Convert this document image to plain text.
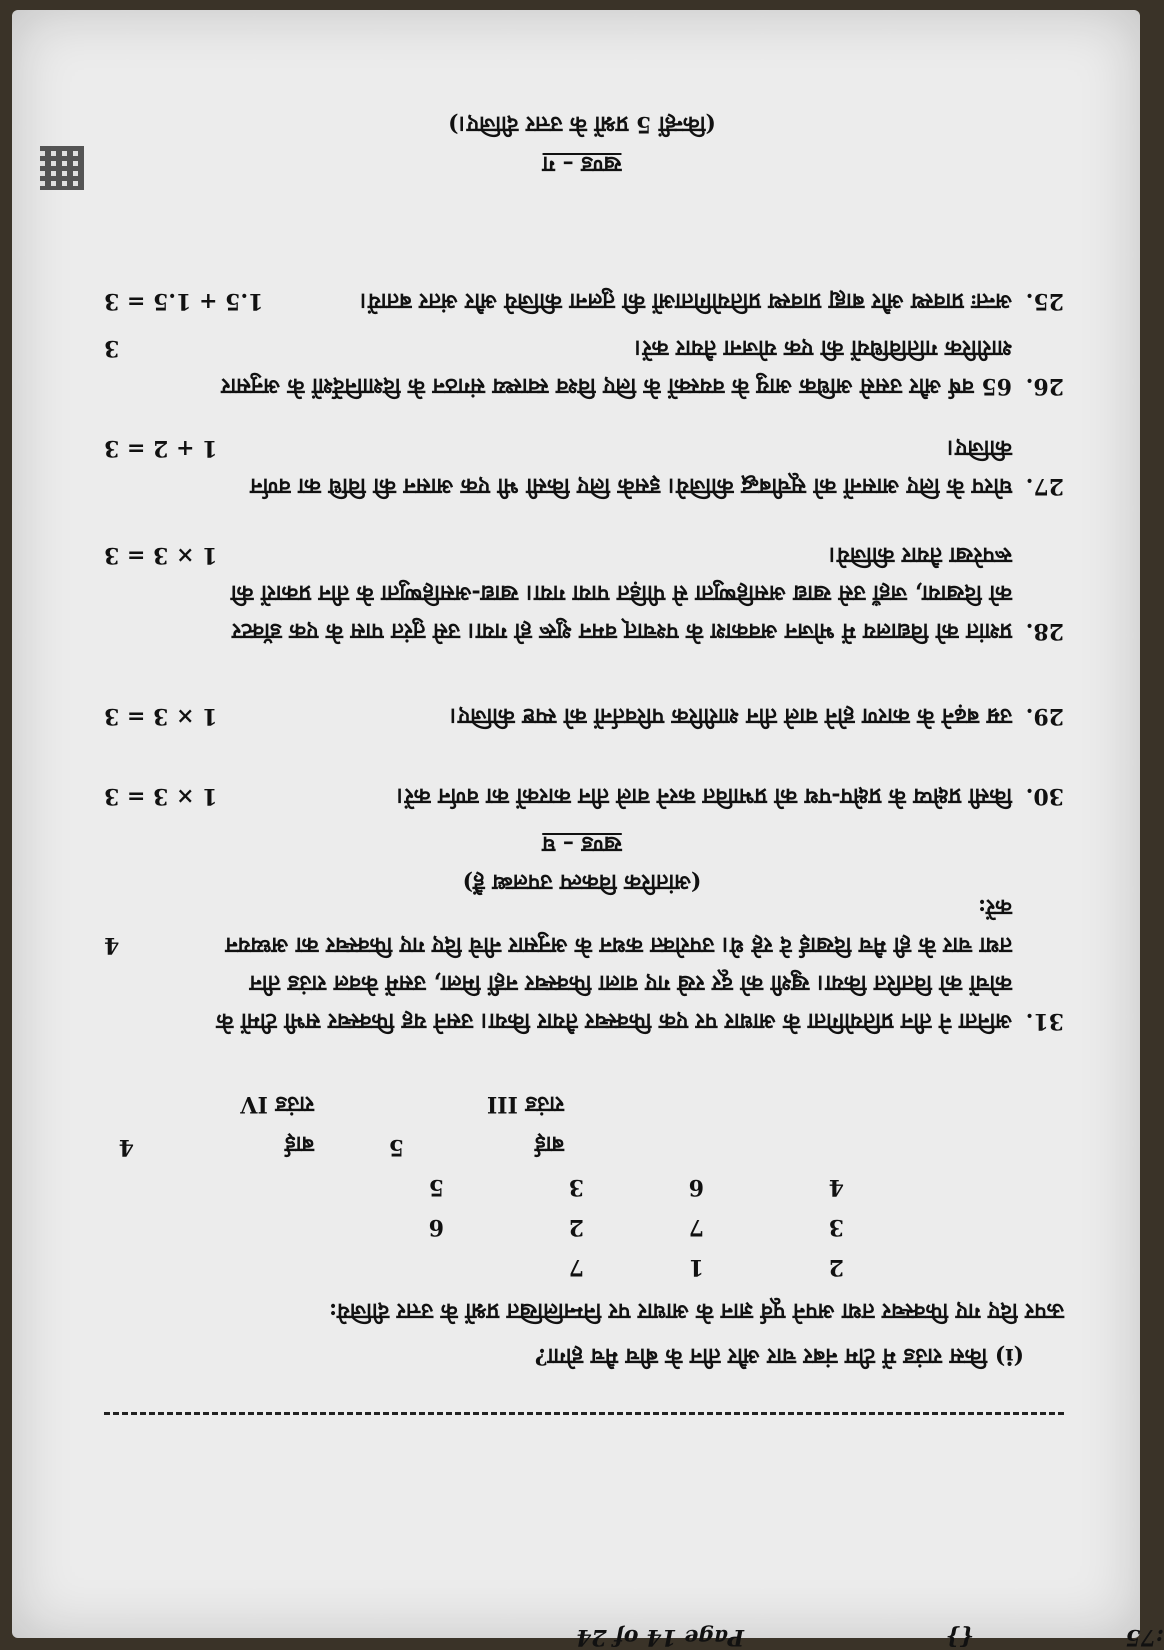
खण्ड – ग
(किन्हीं 5 प्रश्नों के उत्तर दीजिए।)
25.
अन्तः प्रावस्थ और बाह्य प्रावस्थ प्रतियोगिताओं की तुलना कीजिये और अंतर बतायें।
1.5 + 1.5 = 3
26.
65 वर्ष और उससे अधिक आयु के वयस्कों के लिए विश्व स्वास्थ्य संगठन के दिशानिर्देशों के अनुसार शारीरिक गतिविधियों की एक योजना तैयार करें।
3
27.
घोरप के लिए आसनों को सूचीबद्ध कीजिये। इसके लिए किसी भी एक आसन की विधि का वर्णन कीजिए।
1 + 2 = 3
28.
प्रशांत को विद्यालय में भोजन अवकाश के पश्चात् वमन शुरू हो गया। उसे तुरंत पास के एक डॉक्टर को दिखाया, जहाँ उसे खाद्य असहिष्णुता से पीड़ित पाया गया। खाद्य-असहिष्णुता के तीन प्रकारों की रूपरेखा तैयार कीजिये।
1 × 3 = 3
29.
उम्र बढ़ने के कारण होने वाले तीन शारीरिक परिवर्तनों को स्पष्ट कीजिए।
1 × 3 = 3
30.
किसी प्रक्षेप्य के प्रक्षेप-पथ को प्रभावित करने वाले तीन कारकों का वर्णन करें।
1 × 3 = 3
खण्ड – घ
(आंतरिक विकल्प उपलब्ध हैं)
31.
अनिता ने तीन प्रतियोगिता के आधार पर एक फिक्स्चर तैयार किया। उसने यह फिक्स्चर सभी टीमों के कोचों को वितरित किया। खुशी को दूर रखे गए वाला फिक्स्चर नहीं मिला, उसमें केवल राउंड तीन तथा चार के ही मैच दिखाई दे रहे थे। उपरोक्त कथन के अनुसार नीचे दिए गए फिक्स्चर का अध्ययन करें:
4
राउंड III
राउंड IV
बाई
बाई	5
4
4
6
3
5
3
7
2
6
2
1
7
ऊपर दिए गए फिक्स्चर तथा अपने पूर्व ज्ञान के आधार पर निम्नलिखित प्रश्नों के उत्तर दीजिये:
(i) किस राउंड में टीम नंबर चार और तीन के बीच मैच होगा?
:75
{}
Page 14 of 24
